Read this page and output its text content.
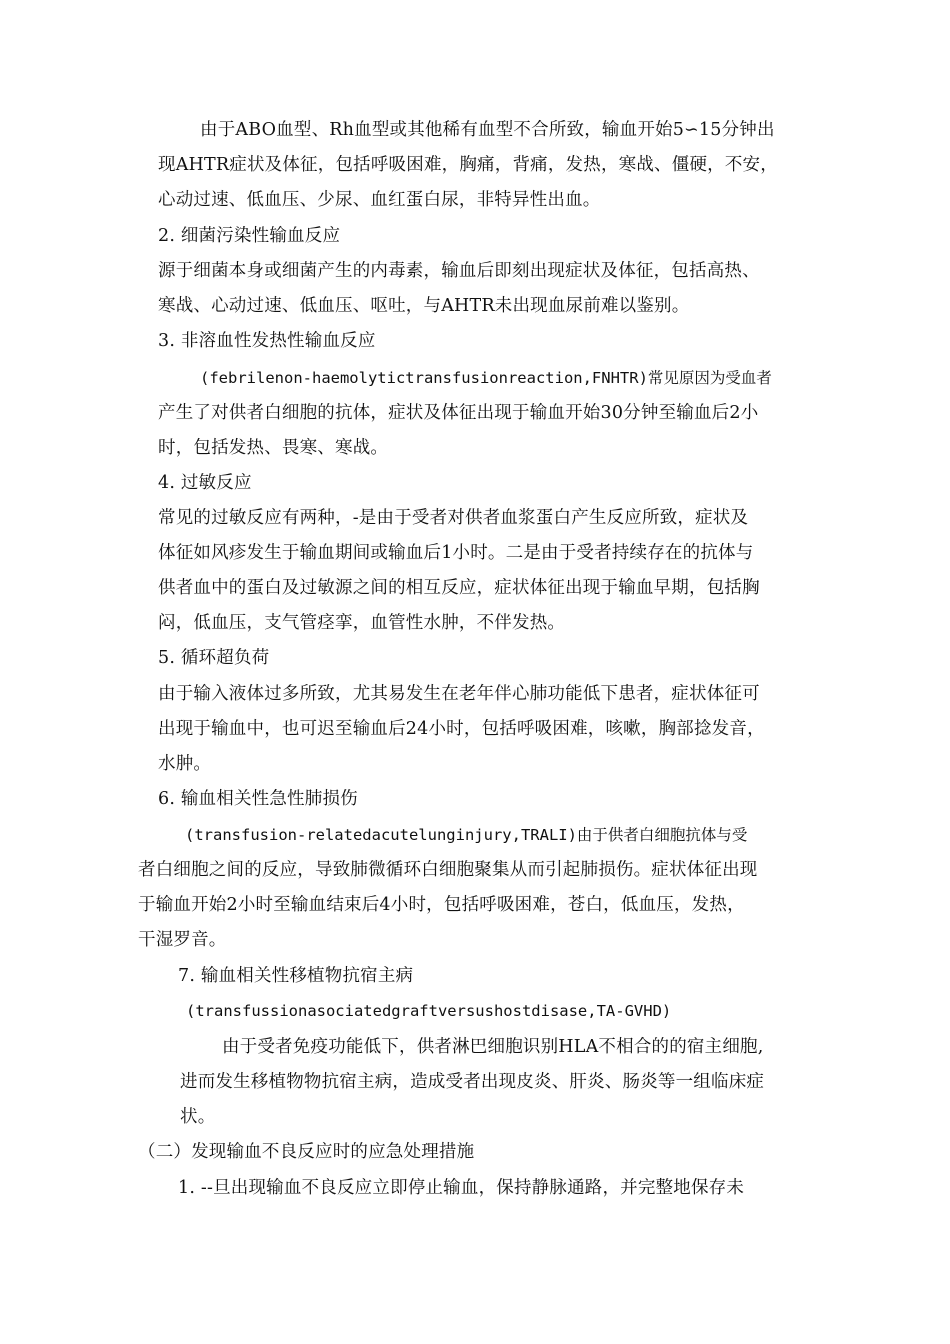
由于ABO血型、Rh血型或其他稀有血型不合所致，输血开始5∽15分钟出
现AHTR症状及体征，包括呼吸困难，胸痛，背痛，发热，寒战、僵硬，不安，
心动过速、低血压、少尿、血红蛋白尿，非特异性出血。
2. 细菌污染性输血反应
源于细菌本身或细菌产生的内毒素，输血后即刻出现症状及体征，包括高热、
寒战、心动过速、低血压、呕吐，与AHTR未出现血尿前难以鉴别。
3. 非溶血性发热性输血反应
(febrilenon-haemolytictransfusionreaction,FNHTR)常见原因为受血者
产生了对供者白细胞的抗体，症状及体征出现于输血开始30分钟至输血后2小
时，包括发热、畏寒、寒战。
4. 过敏反应
常见的过敏反应有两种，-是由于受者对供者血浆蛋白产生反应所致，症状及
体征如风疹发生于输血期间或输血后1小时。二是由于受者持续存在的抗体与
供者血中的蛋白及过敏源之间的相互反应，症状体征出现于输血早期，包括胸
闷，低血压，支气管痉挛，血管性水肿，不伴发热。
5. 循环超负荷
由于输入液体过多所致，尤其易发生在老年伴心肺功能低下患者，症状体征可
出现于输血中，也可迟至输血后24小时，包括呼吸困难，咳嗽，胸部捻发音，
水肿。
6. 输血相关性急性肺损伤
(transfusion-relatedacutelunginjury,TRALI)由于供者白细胞抗体与受
者白细胞之间的反应，导致肺微循环白细胞聚集从而引起肺损伤。症状体征出现
于输血开始2小时至输血结束后4小时，包括呼吸困难，苍白，低血压，发热，
干湿罗音。
7. 输血相关性移植物抗宿主病
(transfussionasociatedgraftversushostdisase,TA-GVHD)
由于受者免疫功能低下，供者淋巴细胞识别HLA不相合的的宿主细胞,
进而发生移植物物抗宿主病，造成受者出现皮炎、肝炎、肠炎等一组临床症
状。
（二）发现输血不良反应时的应急处理措施
1. --旦出现输血不良反应立即停止输血，保持静脉通路，并完整地保存未
